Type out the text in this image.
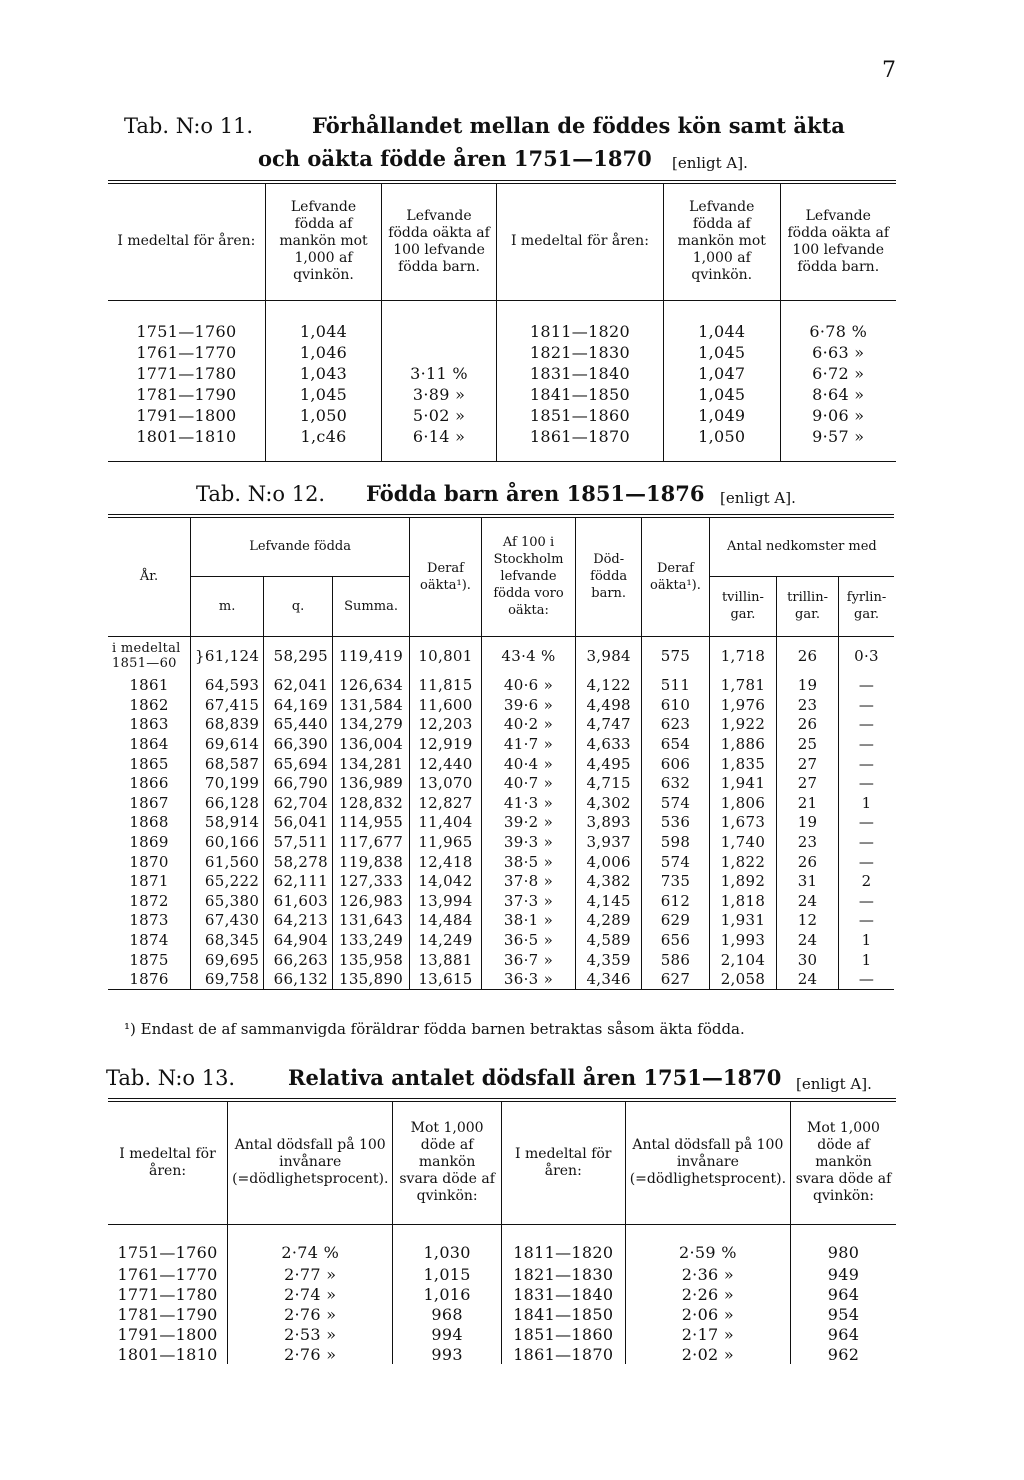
7
Tab. N:o 11.	Förhållandet mellan de föddes kön samt äkta
och oäkta födde åren 1751—1870 [enligt A].
I medeltal för åren:	Lefvande födda af mankön mot 1,000 af qvinkön.	Lefvande födda oäkta af 100 lefvande födda barn.	I medeltal för åren:	Lefvande födda af mankön mot 1,000 af qvinkön.	Lefvande födda oäkta af 100 lefvande födda barn.
1751—1760	1,044		1811—1820	1,044	6·78 %
1761—1770	1,046		1821—1830	1,045	6·63 »
1771—1780	1,043	3·11 %	1831—1840	1,047	6·72 »
1781—1790	1,045	3·89 »	1841—1850	1,045	8·64 »
1791—1800	1,050	5·02 »	1851—1860	1,049	9·06 »
1801—1810	1,c46	6·14 »	1861—1870	1,050	9·57 »

Tab. N:o 12. Födda barn åren 1851—1876 [enligt A].
År.	Lefvande födda			Deraf oäkta¹).	Af 100 i Stockholm lefvande födda voro oäkta:	Död-födda barn.	Deraf oäkta¹).	Antal nedkomster med		
	m.	q.	Summa.					tvillin-gar.	trillin-gar.	fyrlin-gar.
i medeltal 1851—60	}61,124	58,295	119,419	10,801	43·4 %	3,984	575	1,718	26	0·3
1861	64,593	62,041	126,634	11,815	40·6 »	4,122	511	1,781	19	—
1862	67,415	64,169	131,584	11,600	39·6 »	4,498	610	1,976	23	—
1863	68,839	65,440	134,279	12,203	40·2 »	4,747	623	1,922	26	—
1864	69,614	66,390	136,004	12,919	41·7 »	4,633	654	1,886	25	—
1865	68,587	65,694	134,281	12,440	40·4 »	4,495	606	1,835	27	—
1866	70,199	66,790	136,989	13,070	40·7 »	4,715	632	1,941	27	—
1867	66,128	62,704	128,832	12,827	41·3 »	4,302	574	1,806	21	1
1868	58,914	56,041	114,955	11,404	39·2 »	3,893	536	1,673	19	—
1869	60,166	57,511	117,677	11,965	39·3 »	3,937	598	1,740	23	—
1870	61,560	58,278	119,838	12,418	38·5 »	4,006	574	1,822	26	—
1871	65,222	62,111	127,333	14,042	37·8 »	4,382	735	1,892	31	2
1872	65,380	61,603	126,983	13,994	37·3 »	4,145	612	1,818	24	—
1873	67,430	64,213	131,643	14,484	38·1 »	4,289	629	1,931	12	—
1874	68,345	64,904	133,249	14,249	36·5 »	4,589	656	1,993	24	1
1875	69,695	66,263	135,958	13,881	36·7 »	4,359	586	2,104	30	1
1876	69,758	66,132	135,890	13,615	36·3 »	4,346	627	2,058	24	—
¹) Endast de af sammanvigda föräldrar födda barnen betraktas såsom äkta födda.
Tab. N:o 13.	Relativa antalet dödsfall åren 1751—1870 [enligt A].
I medeltal för åren:	Antal dödsfall på 100 invånare (=dödlighetsprocent).	Mot 1,000 döde af mankön svara döde af qvinkön:	I medeltal för åren:	Antal dödsfall på 100 invånare (=dödlighetsprocent).	Mot 1,000 döde af mankön svara döde af qvinkön:
1751—1760	2·74 %	1,030	1811—1820	2·59 %	980
1761—1770	2·77 »	1,015	1821—1830	2·36 »	949
1771—1780	2·74 »	1,016	1831—1840	2·26 »	964
1781—1790	2·76 »	968	1841—1850	2·06 »	954
1791—1800	2·53 »	994	1851—1860	2·17 »	964
1801—1810	2·76 »	993	1861—1870	2·02 »	962
